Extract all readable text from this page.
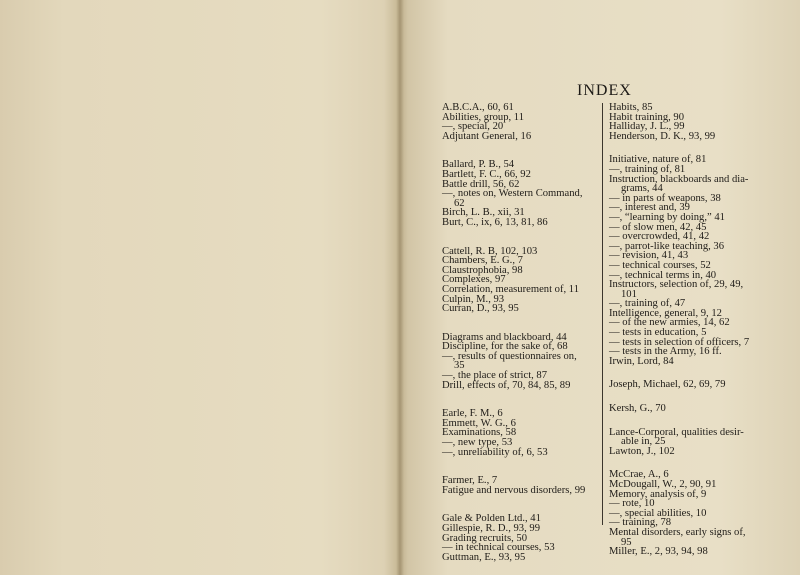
INDEX
A.B.C.A., 60, 61
Abilities, group, 11
—, special, 20
Adjutant General, 16
Ballard, P. B., 54
Bartlett, F. C., 66, 92
Battle drill, 56, 62
—, notes on, Western Command,
62
Birch, L. B., xii, 31
Burt, C., ix, 6, 13, 81, 86
Cattell, R. B, 102, 103
Chambers, E. G., 7
Claustrophobia, 98
Complexes, 97
Correlation, measurement of, 11
Culpin, M., 93
Curran, D., 93, 95
Diagrams and blackboard, 44
Discipline, for the sake of, 68
—, results of questionnaires on,
35
—, the place of strict, 87
Drill, effects of, 70, 84, 85, 89
Earle, F. M., 6
Emmett, W. G., 6
Examinations, 58
—, new type, 53
—, unreliability of, 6, 53
Farmer, E., 7
Fatigue and nervous disorders, 99
Gale & Polden Ltd., 41
Gillespie, R. D., 93, 99
Grading recruits, 50
— in technical courses, 53
Guttman, E., 93, 95
Habits, 85
Habit training, 90
Halliday, J. L., 99
Henderson, D. K., 93, 99
Initiative, nature of, 81
—, training of, 81
Instruction, blackboards and dia-
grams, 44
— in parts of weapons, 38
—, interest and, 39
—, “learning by doing,” 41
— of slow men, 42, 45
— overcrowded, 41, 42
—, parrot-like teaching, 36
— revision, 41, 43
— technical courses, 52
—, technical terms in, 40
Instructors, selection of, 29, 49,
101
—, training of, 47
Intelligence, general, 9, 12
— of the new armies, 14, 62
— tests in education, 5
— tests in selection of officers, 7
— tests in the Army, 16 ff.
Irwin, Lord, 84
Joseph, Michael, 62, 69, 79
Kersh, G., 70
Lance-Corporal, qualities desir-
able in, 25
Lawton, J., 102
McCrae, A., 6
McDougall, W., 2, 90, 91
Memory, analysis of, 9
— rote, 10
—, special abilities, 10
— training, 78
Mental disorders, early signs of,
95
Miller, E., 2, 93, 94, 98
